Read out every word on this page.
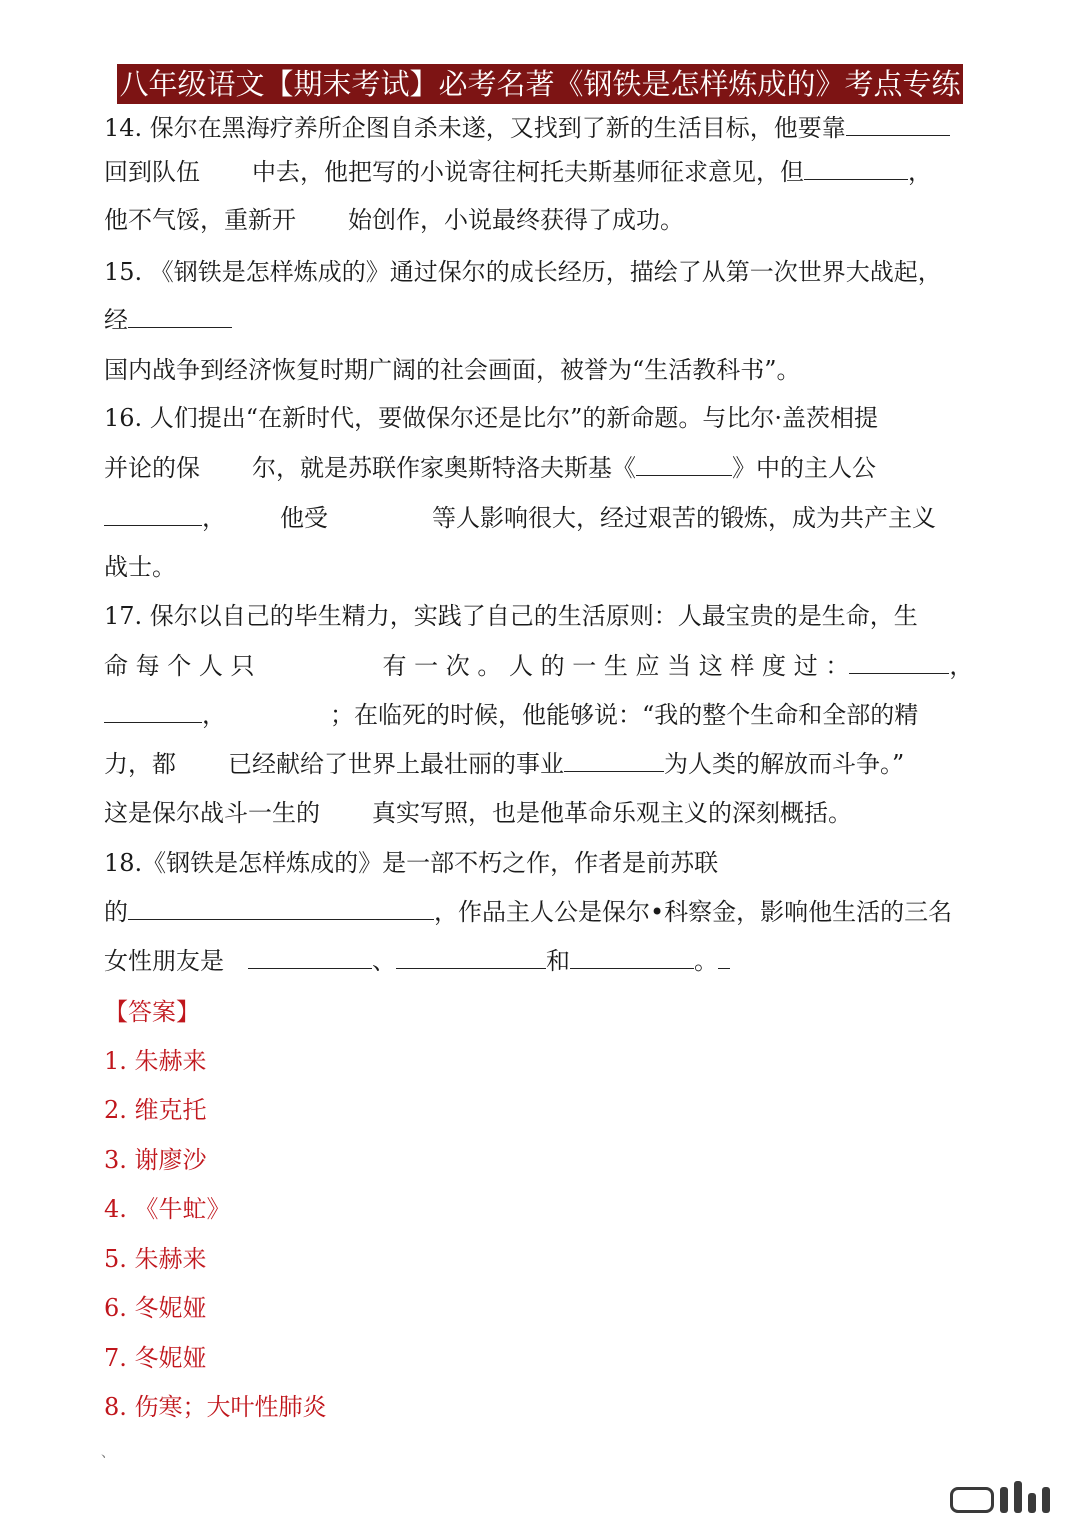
八年级语文【期末考试】必考名著《钢铁是怎样炼成的》考点专练
14. 保尔在黑海疗养所企图自杀未遂，又找到了新的生活目标，他要靠
回到队伍 中去，他把写的小说寄往柯托夫斯基师征求意见，但	，
他不气馁，重新开 始创作，小说最终获得了成功。
15. 《钢铁是怎样炼成的》通过保尔的成长经历，描绘了从第一次世界大战起，
经
国内战争到经济恢复时期广阔的社会画面，被誉为“生活教科书”。
16. 人们提出“在新时代，要做保尔还是比尔”的新命题。与比尔·盖茨相提
并论的保 尔，就是苏联作家奥斯特洛夫斯基《	》中的主人公
， 他受	等人影响很大，经过艰苦的锻炼，成为共产主义
战士。
17. 保尔以自己的毕生精力，实践了自己的生活原则：人最宝贵的是生命，生
命 每 个 人 只	有 一 次 。 人 的 一 生 应 当 这 样 度 过 ：	，
，	；在临死的时候，他能够说：“我的整个生命和全部的精
力，都 已经献给了世界上最壮丽的事业	为人类的解放而斗争。”
这是保尔战斗一生的 真实写照，也是他革命乐观主义的深刻概括。
18.《钢铁是怎样炼成的》是一部不朽之作，作者是前苏联
的	，作品主人公是保尔•科察金，影响他生活的三名
女性朋友是	、	和	。
【答案】
1. 朱赫来
2. 维克托
3. 谢廖沙
4. 《牛虻》
5. 朱赫来
6. 冬妮娅
7. 冬妮娅
8. 伤寒；大叶性肺炎
、
